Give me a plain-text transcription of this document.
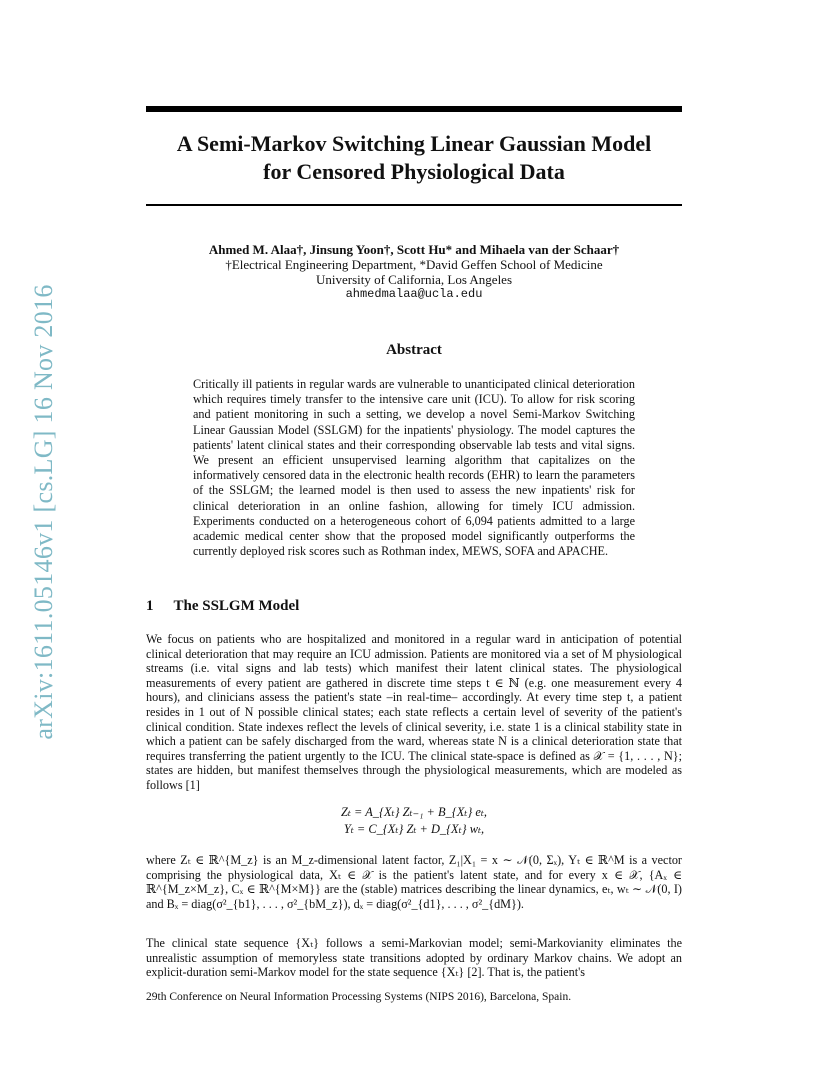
A Semi-Markov Switching Linear Gaussian Model
for Censored Physiological Data
arXiv:1611.05146v1 [cs.LG] 16 Nov 2016
Ahmed M. Alaa†, Jinsung Yoon†, Scott Hu* and Mihaela van der Schaar†
†Electrical Engineering Department, *David Geffen School of Medicine
University of California, Los Angeles
ahmedmalaa@ucla.edu
Abstract
Critically ill patients in regular wards are vulnerable to unanticipated clinical deterioration which requires timely transfer to the intensive care unit (ICU). To allow for risk scoring and patient monitoring in such a setting, we develop a novel Semi-Markov Switching Linear Gaussian Model (SSLGM) for the inpatients' physiology. The model captures the patients' latent clinical states and their corresponding observable lab tests and vital signs. We present an efficient unsupervised learning algorithm that capitalizes on the informatively censored data in the electronic health records (EHR) to learn the parameters of the SSLGM; the learned model is then used to assess the new inpatients' risk for clinical deterioration in an online fashion, allowing for timely ICU admission. Experiments conducted on a heterogeneous cohort of 6,094 patients admitted to a large academic medical center show that the proposed model significantly outperforms the currently deployed risk scores such as Rothman index, MEWS, SOFA and APACHE.
1 The SSLGM Model
We focus on patients who are hospitalized and monitored in a regular ward in anticipation of potential clinical deterioration that may require an ICU admission. Patients are monitored via a set of M physiological streams (i.e. vital signs and lab tests) which manifest their latent clinical states. The physiological measurements of every patient are gathered in discrete time steps t ∈ ℕ (e.g. one measurement every 4 hours), and clinicians assess the patient's state –in real-time– accordingly. At every time step t, a patient resides in 1 out of N possible clinical states; each state reflects a certain level of severity of the patient's clinical condition. State indexes reflect the levels of clinical severity, i.e. state 1 is a clinical stability state in which a patient can be safely discharged from the ward, whereas state N is a clinical deterioration state that requires transferring the patient urgently to the ICU. The clinical state-space is defined as 𝒳 = {1, . . . , N}; states are hidden, but manifest themselves through the physiological measurements, which are modeled as follows [1]
Zₜ = A_{Xₜ} Zₜ₋₁ + B_{Xₜ} eₜ,
Yₜ = C_{Xₜ} Zₜ + D_{Xₜ} wₜ,
where Zₜ ∈ ℝ^{M_z} is an M_z-dimensional latent factor, Z₁|X₁ = x ∼ 𝒩(0, Σₓ), Yₜ ∈ ℝ^M is a vector comprising the physiological data, Xₜ ∈ 𝒳 is the patient's latent state, and for every x ∈ 𝒳, {Aₓ ∈ ℝ^{M_z×M_z}, Cₓ ∈ ℝ^{M×M}} are the (stable) matrices describing the linear dynamics, eₜ, wₜ ∼ 𝒩(0, I) and Bₓ = diag(σ²_{b1}, . . . , σ²_{bM_z}), dₓ = diag(σ²_{d1}, . . . , σ²_{dM}).
The clinical state sequence {Xₜ} follows a semi-Markovian model; semi-Markovianity eliminates the unrealistic assumption of memoryless state transitions adopted by ordinary Markov chains. We adopt an explicit-duration semi-Markov model for the state sequence {Xₜ} [2]. That is, the patient's
29th Conference on Neural Information Processing Systems (NIPS 2016), Barcelona, Spain.
